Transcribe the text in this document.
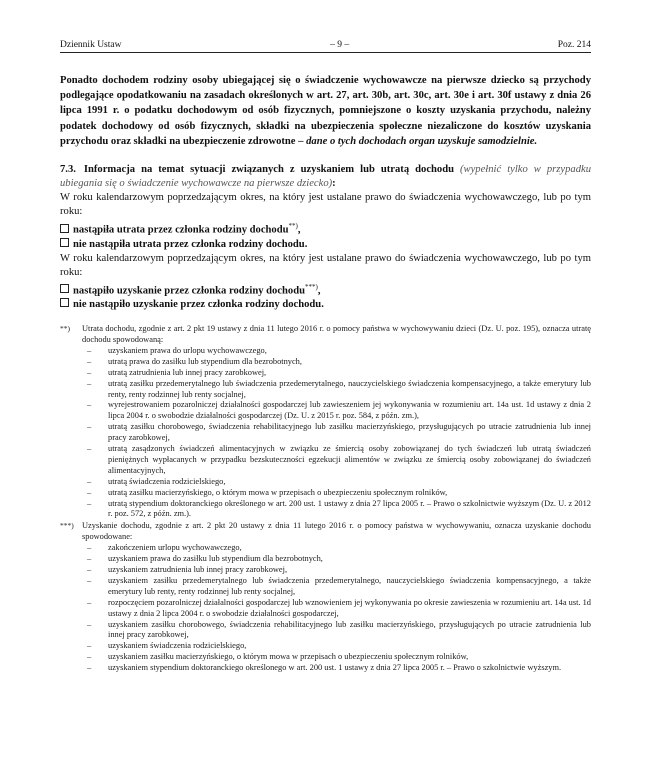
Dziennik Ustaw	– 9 –	Poz. 214

Ponadto dochodem rodziny osoby ubiegającej się o świadczenie wychowawcze na pierwsze dziecko są przychody podlegające opodatkowaniu na zasadach określonych w art. 27, art. 30b, art. 30c, art. 30e i art. 30f ustawy z dnia 26 lipca 1991 r. o podatku dochodowym od osób fizycznych, pomniejszone o koszty uzyskania przychodu, należny podatek dochodowy od osób fizycznych, składki na ubezpieczenia społeczne niezaliczone do kosztów uzyskania przychodu oraz składki na ubezpieczenie zdrowotne – dane o tych dochodach organ uzyskuje samodzielnie.

7.3. Informacja na temat sytuacji związanych z uzyskaniem lub utratą dochodu (wypełnić tylko w przypadku ubiegania się o świadczenie wychowawcze na pierwsze dziecko):
W roku kalendarzowym poprzedzającym okres, na który jest ustalane prawo do świadczenia wychowawczego, lub po tym roku:
nastąpiła utrata przez członka rodziny dochodu**),
nie nastąpiła utrata przez członka rodziny dochodu.
W roku kalendarzowym poprzedzającym okres, na który jest ustalane prawo do świadczenia wychowawczego, lub po tym roku:
nastąpiło uzyskanie przez członka rodziny dochodu***),
nie nastąpiło uzyskanie przez członka rodziny dochodu.
**) Utrata dochodu, zgodnie z art. 2 pkt 19 ustawy z dnia 11 lutego 2016 r. o pomocy państwa w wychowywaniu dzieci (Dz. U. poz. 195), oznacza utratę dochodu spowodowaną:
– uzyskaniem prawa do urlopu wychowawczego,
– utratą prawa do zasiłku lub stypendium dla bezrobotnych,
– utratą zatrudnienia lub innej pracy zarobkowej,
– utratą zasiłku przedemerytalnego lub świadczenia przedemerytalnego, nauczycielskiego świadczenia kompensacyjnego, a także emerytury lub renty, renty rodzinnej lub renty socjalnej,
– wyrejestrowaniem pozarolniczej działalności gospodarczej lub zawieszeniem jej wykonywania w rozumieniu art. 14a ust. 1d ustawy z dnia 2 lipca 2004 r. o swobodzie działalności gospodarczej (Dz. U. z 2015 r. poz. 584, z późn. zm.),
– utratą zasiłku chorobowego, świadczenia rehabilitacyjnego lub zasiłku macierzyńskiego, przysługujących po utracie zatrudnienia lub innej pracy zarobkowej,
– utratą zasądzonych świadczeń alimentacyjnych w związku ze śmiercią osoby zobowiązanej do tych świadczeń lub utratą świadczeń pieniężnych wypłacanych w przypadku bezskuteczności egzekucji alimentów w związku ze śmiercią osoby zobowiązanej do świadczeń alimentacyjnych,
– utratą świadczenia rodzicielskiego,
– utratą zasiłku macierzyńskiego, o którym mowa w przepisach o ubezpieczeniu społecznym rolników,
– utratą stypendium doktoranckiego określonego w art. 200 ust. 1 ustawy z dnia 27 lipca 2005 r. – Prawo o szkolnictwie wyższym (Dz. U. z 2012 r. poz. 572, z późn. zm.).
***) Uzyskanie dochodu, zgodnie z art. 2 pkt 20 ustawy z dnia 11 lutego 2016 r. o pomocy państwa w wychowywaniu, oznacza uzyskanie dochodu spowodowane:
– zakończeniem urlopu wychowawczego,
– uzyskaniem prawa do zasiłku lub stypendium dla bezrobotnych,
– uzyskaniem zatrudnienia lub innej pracy zarobkowej,
– uzyskaniem zasiłku przedemerytalnego lub świadczenia przedemerytalnego, nauczycielskiego świadczenia kompensacyjnego, a także emerytury lub renty, renty rodzinnej lub renty socjalnej,
– rozpoczęciem pozarolniczej działalności gospodarczej lub wznowieniem jej wykonywania po okresie zawieszenia w rozumieniu art. 14a ust. 1d ustawy z dnia 2 lipca 2004 r. o swobodzie działalności gospodarczej,
– uzyskaniem zasiłku chorobowego, świadczenia rehabilitacyjnego lub zasiłku macierzyńskiego, przysługujących po utracie zatrudnienia lub innej pracy zarobkowej,
– uzyskaniem świadczenia rodzicielskiego,
– uzyskaniem zasiłku macierzyńskiego, o którym mowa w przepisach o ubezpieczeniu społecznym rolników,
– uzyskaniem stypendium doktoranckiego określonego w art. 200 ust. 1 ustawy z dnia 27 lipca 2005 r. – Prawo o szkolnictwie wyższym.
